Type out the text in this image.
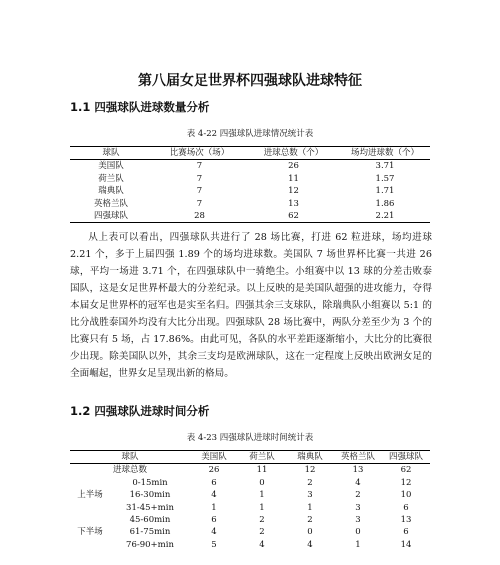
第八届女足世界杯四强球队进球特征
1.1 四强球队进球数量分析
表 4-22 四强球队进球情况统计表
球队	比赛场次（场）	进球总数（个）	场均进球数（个）
美国队	7	26	3.71
荷兰队	7	11	1.57
瑞典队	7	12	1.71
英格兰队	7	13	1.86
四强球队	28	62	2.21
从上表可以看出，四强球队共进行了 28 场比赛，打进 62 粒进球，场均进球 2.21 个，多于上届四强 1.89 个的场均进球数。美国队 7 场世界杯比赛一共进 26 球，平均一场进 3.71 个，在四强球队中一骑绝尘。小组赛中以 13 球的分差击败泰国队，这是女足世界杯最大的分差纪录。以上反映的是美国队超强的进攻能力，夺得本届女足世界杯的冠军也是实至名归。四强其余三支球队，除瑞典队小组赛以 5:1 的比分战胜泰国外均没有大比分出现。四强球队 28 场比赛中，两队分差至少为 3 个的比赛只有 5 场，占 17.86%。由此可见，各队的水平差距逐渐缩小，大比分的比赛很少出现。除美国队以外，其余三支均是欧洲球队，这在一定程度上反映出欧洲女足的全面崛起，世界女足呈现出新的格局。
1.2 四强球队进球时间分析
表 4-23 四强球队进球时间统计表
球队		美国队	荷兰队	瑞典队	英格兰队	四强球队
进球总数		26	11	12	13	62
上半场	0-15min	6	0	2	4	12
	16-30min	4	1	3	2	10
	31-45+min	1	1	1	3	6
下半场	45-60min	6	2	2	3	13
	61-75min	4	2	0	0	6
	76-90+min	5	4	4	1	14
